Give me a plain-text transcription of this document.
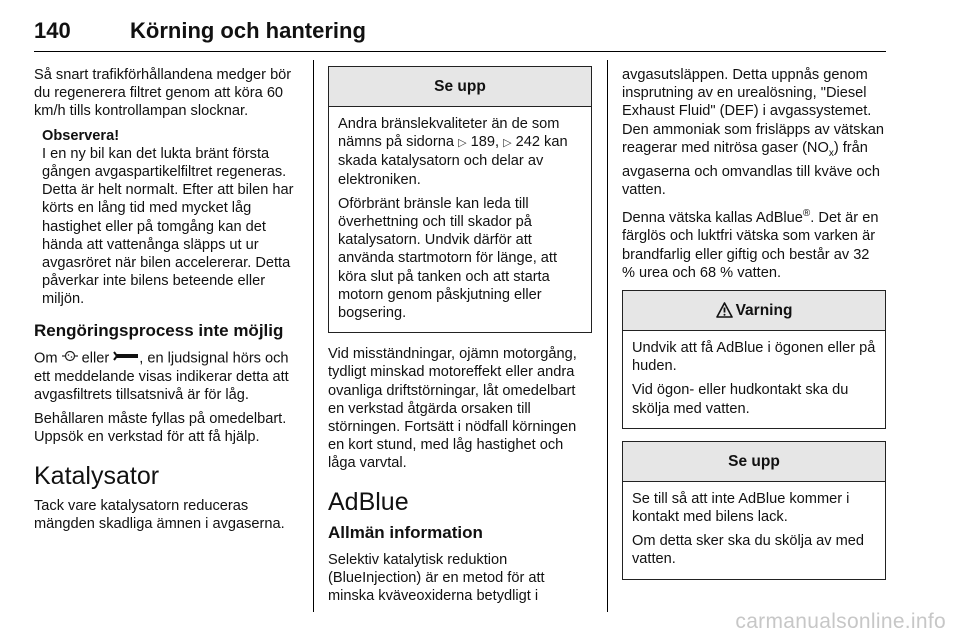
140	Körning och hantering

Så snart trafikförhållandena medger bör du regenerera filtret genom att köra 60 km/h tills kontrollampan slocknar.

Observera!

I en ny bil kan det lukta bränt första gången avgaspartikelfiltret regeneras. Detta är helt normalt. Efter att bilen har körts en lång tid med mycket låg hastighet eller på tomgång kan det hända att vattenånga släpps ut ur avgasröret när bilen accelererar. Detta påverkar inte bilens beteende eller miljön.

Rengöringsprocess inte möjlig

Om eller , en ljudsignal hörs och ett meddelande visas indikerar detta att avgasfiltrets tillsatsnivå är för låg.

Behållaren måste fyllas på omedelbart. Uppsök en verkstad för att få hjälp.

Katalysator

Tack vare katalysatorn reduceras mängden skadliga ämnen i avgaserna.

Se upp

Andra bränslekvaliteter än de som nämns på sidorna ▷ 189, ▷ 242 kan skada katalysatorn och delar av elektroniken.

Oförbränt bränsle kan leda till överhettning och till skador på katalysatorn. Undvik därför att använda startmotorn för länge, att köra slut på tanken och att starta motorn genom påskjutning eller bogsering.

Vid misständningar, ojämn motorgång, tydligt minskad motoreffekt eller andra ovanliga driftstörningar, låt omedelbart en verkstad åtgärda orsaken till störningen. Fortsätt i nödfall körningen en kort stund, med låg hastighet och låga varvtal.

AdBlue
Allmän information

Selektiv katalytisk reduktion (BlueInjection) är en metod för att minska kväveoxiderna betydligt i

avgasutsläppen. Detta uppnås genom insprutning av en urealösning, "Diesel Exhaust Fluid" (DEF) i avgassystemet. Den ammoniak som frisläpps av vätskan reagerar med nitrösa gaser $(NO_x)$ från avgaserna och omvandlas till kväve och vatten.

Denna vätska kallas AdBlue®. Det är en färglös och luktfri vätska som varken är brandfarlig eller giftig och består av 32 % urea och 68 % vatten.

Varning

Undvik att få AdBlue i ögonen eller på huden.

Vid ögon- eller hudkontakt ska du skölja med vatten.

Se upp

Se till så att inte AdBlue kommer i kontakt med bilens lack.

Om detta sker ska du skölja av med vatten.

carmanualsonline.info
